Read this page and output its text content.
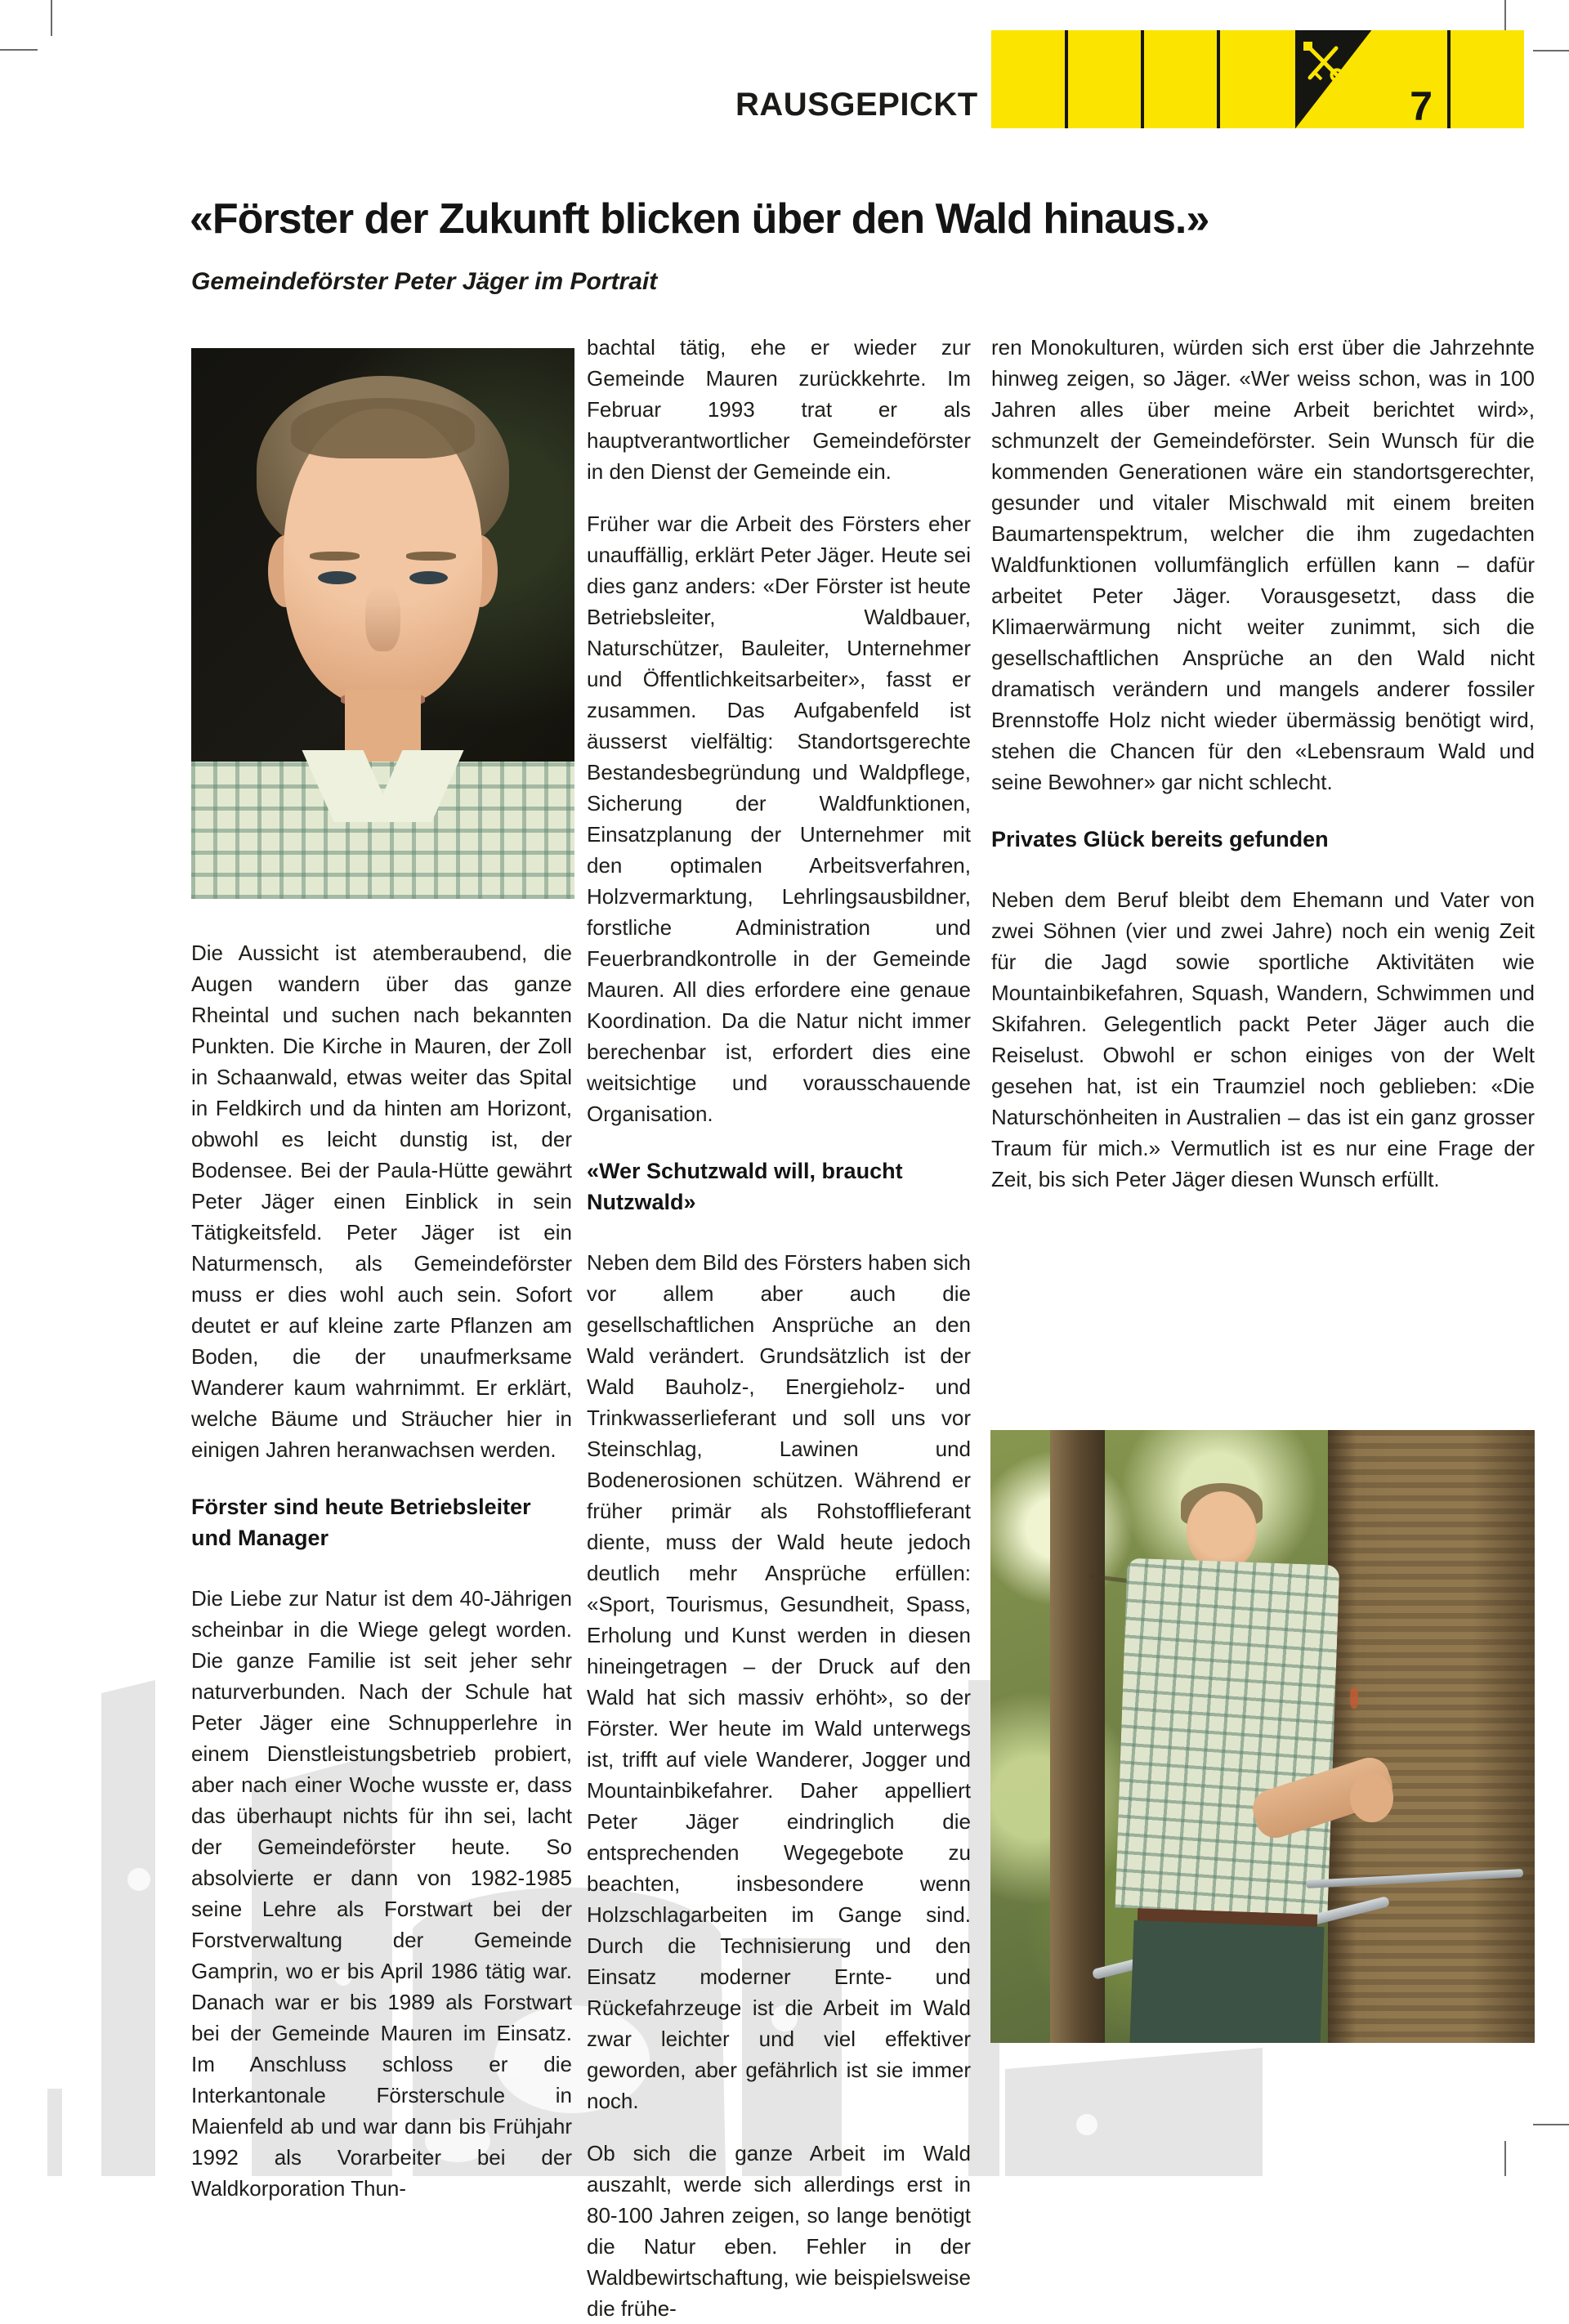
RAUSGEPICKT	7
«Förster der Zukunft blicken über den Wald hinaus.»
Gemeindeförster Peter Jäger im Portrait

Die Aussicht ist atemberaubend, die Augen wandern über das ganze Rheintal und suchen nach bekannten Punkten. Die Kirche in Mauren, der Zoll in Schaanwald, etwas weiter das Spital in Feldkirch und da hinten am Horizont, obwohl es leicht dunstig ist, der Bodensee. Bei der Paula-Hütte gewährt Peter Jäger einen Einblick in sein Tätigkeitsfeld. Peter Jäger ist ein Naturmensch, als Gemeindeförster muss er dies wohl auch sein. Sofort deutet er auf kleine zarte Pflanzen am Boden, die der unaufmerksame Wanderer kaum wahrnimmt. Er erklärt, welche Bäume und Sträucher hier in einigen Jahren heranwachsen werden.

Förster sind heute Betriebsleiter und Manager

Die Liebe zur Natur ist dem 40-Jährigen scheinbar in die Wiege gelegt worden. Die ganze Familie ist seit jeher sehr naturverbunden. Nach der Schule hat Peter Jäger eine Schnupperlehre in einem Dienstleistungsbetrieb probiert, aber nach einer Woche wusste er, dass das überhaupt nichts für ihn sei, lacht der Gemeindeförster heute. So absolvierte er dann von 1982-1985 seine Lehre als Forstwart bei der Forstverwaltung der Gemeinde Gamprin, wo er bis April 1986 tätig war. Danach war er bis 1989 als Forstwart bei der Gemeinde Mauren im Einsatz. Im Anschluss schloss er die Interkantonale Försterschule in Maienfeld ab und war dann bis Frühjahr 1992 als Vorarbeiter bei der Waldkorporation Thun-

bachtal tätig, ehe er wieder zur Gemeinde Mauren zurückkehrte. Im Februar 1993 trat er als hauptverantwortlicher Gemeindeförster in den Dienst der Gemeinde ein.

Früher war die Arbeit des Försters eher unauffällig, erklärt Peter Jäger. Heute sei dies ganz anders: «Der Förster ist heute Betriebsleiter, Waldbauer, Naturschützer, Bauleiter, Unternehmer und Öffentlichkeitsarbeiter», fasst er zusammen. Das Aufgabenfeld ist äusserst vielfältig: Standortsgerechte Bestandesbegründung und Waldpflege, Sicherung der Waldfunktionen, Einsatzplanung der Unternehmer mit den optimalen Arbeitsverfahren, Holzvermarktung, Lehrlingsausbildner, forstliche Administration und Feuerbrandkontrolle in der Gemeinde Mauren. All dies erfordere eine genaue Koordination. Da die Natur nicht immer berechenbar ist, erfordert dies eine weitsichtige und vorausschauende Organisation.

«Wer Schutzwald will, braucht Nutzwald»

Neben dem Bild des Försters haben sich vor allem aber auch die gesellschaftlichen Ansprüche an den Wald verändert. Grundsätzlich ist der Wald Bauholz-, Energieholz- und Trinkwasserlieferant und soll uns vor Steinschlag, Lawinen und Bodenerosionen schützen. Während er früher primär als Rohstofflieferant diente, muss der Wald heute jedoch deutlich mehr Ansprüche erfüllen: «Sport, Tourismus, Gesundheit, Spass, Erholung und Kunst werden in diesen hineingetragen – der Druck auf den Wald hat sich massiv erhöht», so der Förster. Wer heute im Wald unterwegs ist, trifft auf viele Wanderer, Jogger und Mountainbikefahrer. Daher appelliert Peter Jäger eindringlich die entsprechenden Wegegebote zu beachten, insbesondere wenn Holzschlagarbeiten im Gange sind. Durch die Technisierung und den Einsatz moderner Ernte- und Rückefahrzeuge ist die Arbeit im Wald zwar leichter und viel effektiver geworden, aber gefährlich ist sie immer noch.

Ob sich die ganze Arbeit im Wald auszahlt, werde sich allerdings erst in 80-100 Jahren zeigen, so lange benötigt die Natur eben. Fehler in der Waldbewirtschaftung, wie beispielsweise die frühe-

ren Monokulturen, würden sich erst über die Jahrzehnte hinweg zeigen, so Jäger. «Wer weiss schon, was in 100 Jahren alles über meine Arbeit berichtet wird», schmunzelt der Gemeindeförster. Sein Wunsch für die kommenden Generationen wäre ein standortsgerechter, gesunder und vitaler Mischwald mit einem breiten Baumartenspektrum, welcher die ihm zugedachten Waldfunktionen vollumfänglich erfüllen kann – dafür arbeitet Peter Jäger. Vorausgesetzt, dass die Klimaerwärmung nicht weiter zunimmt, sich die gesellschaftlichen Ansprüche an den Wald nicht dramatisch verändern und mangels anderer fossiler Brennstoffe Holz nicht wieder übermässig benötigt wird, stehen die Chancen für den «Lebensraum Wald und seine Bewohner» gar nicht schlecht.

Privates Glück bereits gefunden

Neben dem Beruf bleibt dem Ehemann und Vater von zwei Söhnen (vier und zwei Jahre) noch ein wenig Zeit für die Jagd sowie sportliche Aktivitäten wie Mountainbikefahren, Squash, Wandern, Schwimmen und Skifahren. Gelegentlich packt Peter Jäger auch die Reiselust. Obwohl er schon einiges von der Welt gesehen hat, ist ein Traumziel noch geblieben: «Die Naturschönheiten in Australien – das ist ein ganz grosser Traum für mich.» Vermutlich ist es nur eine Frage der Zeit, bis sich Peter Jäger diesen Wunsch erfüllt.
